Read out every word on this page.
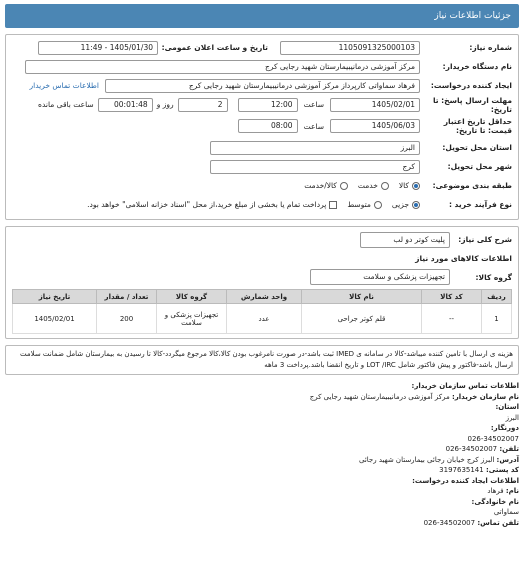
جزئیات اطلاعات نیاز
شماره نیاز:
1105091325000103
تاریخ و ساعت اعلان عمومی:
1405/01/30 - 11:49
نام دستگاه خریدار:
مرکز آموزشی درمانیبیمارستان شهید رجایی کرج
ایجاد کننده درخواست:
فرهاد سماواتی کارپرداز مرکز آموزشی درمانیبیمارستان شهید رجایی کرج
اطلاعات تماس خریدار
مهلت ارسال پاسخ: تا تاریخ:
1405/02/01
ساعت
12:00
2
روز و
00:01:48
ساعت باقی مانده
حداقل تاریخ اعتبار قیمت: تا تاریخ:
1405/06/03
ساعت
08:00
استان محل تحویل:
البرز
شهر محل تحویل:
کرج
طبقه بندی موضوعی:
کالا
خدمت
کالا/خدمت
نوع فرآیند خرید :
جزیی
متوسط
پرداخت تمام یا بخشی از مبلغ خرید،از محل "اسناد خزانه اسلامی" خواهد بود.
شرح کلی نیاز:
پلیت کوتر دو لب
اطلاعات کالاهای مورد نیاز
گروه کالا:
تجهیزات پزشکی و سلامت
ردیف	کد کالا	نام کالا	واحد شمارش	گروه کالا	تعداد / مقدار	تاریخ نیاز
1	--	قلم کوتر جراحی	عدد	تجهیزات پزشکی و سلامت	200	1405/02/01
هزینه ی ارسال با تامین کننده میباشد-کالا در سامانه ی IMED ثبت باشد-در صورت نامرغوب بودن کالا،کالا مرجوع میگردد-کالا تا رسیدن به بیمارستان شامل ضمانت سلامت ارسال باشد-فاکتور و پیش فاکتور شامل LOT /IRC و تاریخ انقضا باشد.پرداخت 3 ماهه
اطلاعات تماس سازمان خریدار:
نام سازمان خریدار: مرکز آموزشی درمانیبیمارستان شهید رجایی کرج
استان:
البرز
دورنگار:
026-34502007
تلفن: 026-34502007
آدرس: البرز کرج خیابان رجائی بیمارستان شهید رجائی
کد پستی: 3197635141
اطلاعات ایجاد کننده درخواست:
نام: فرهاد
نام خانوادگی:
سماواتی
تلفن تماس: 026-34502007
